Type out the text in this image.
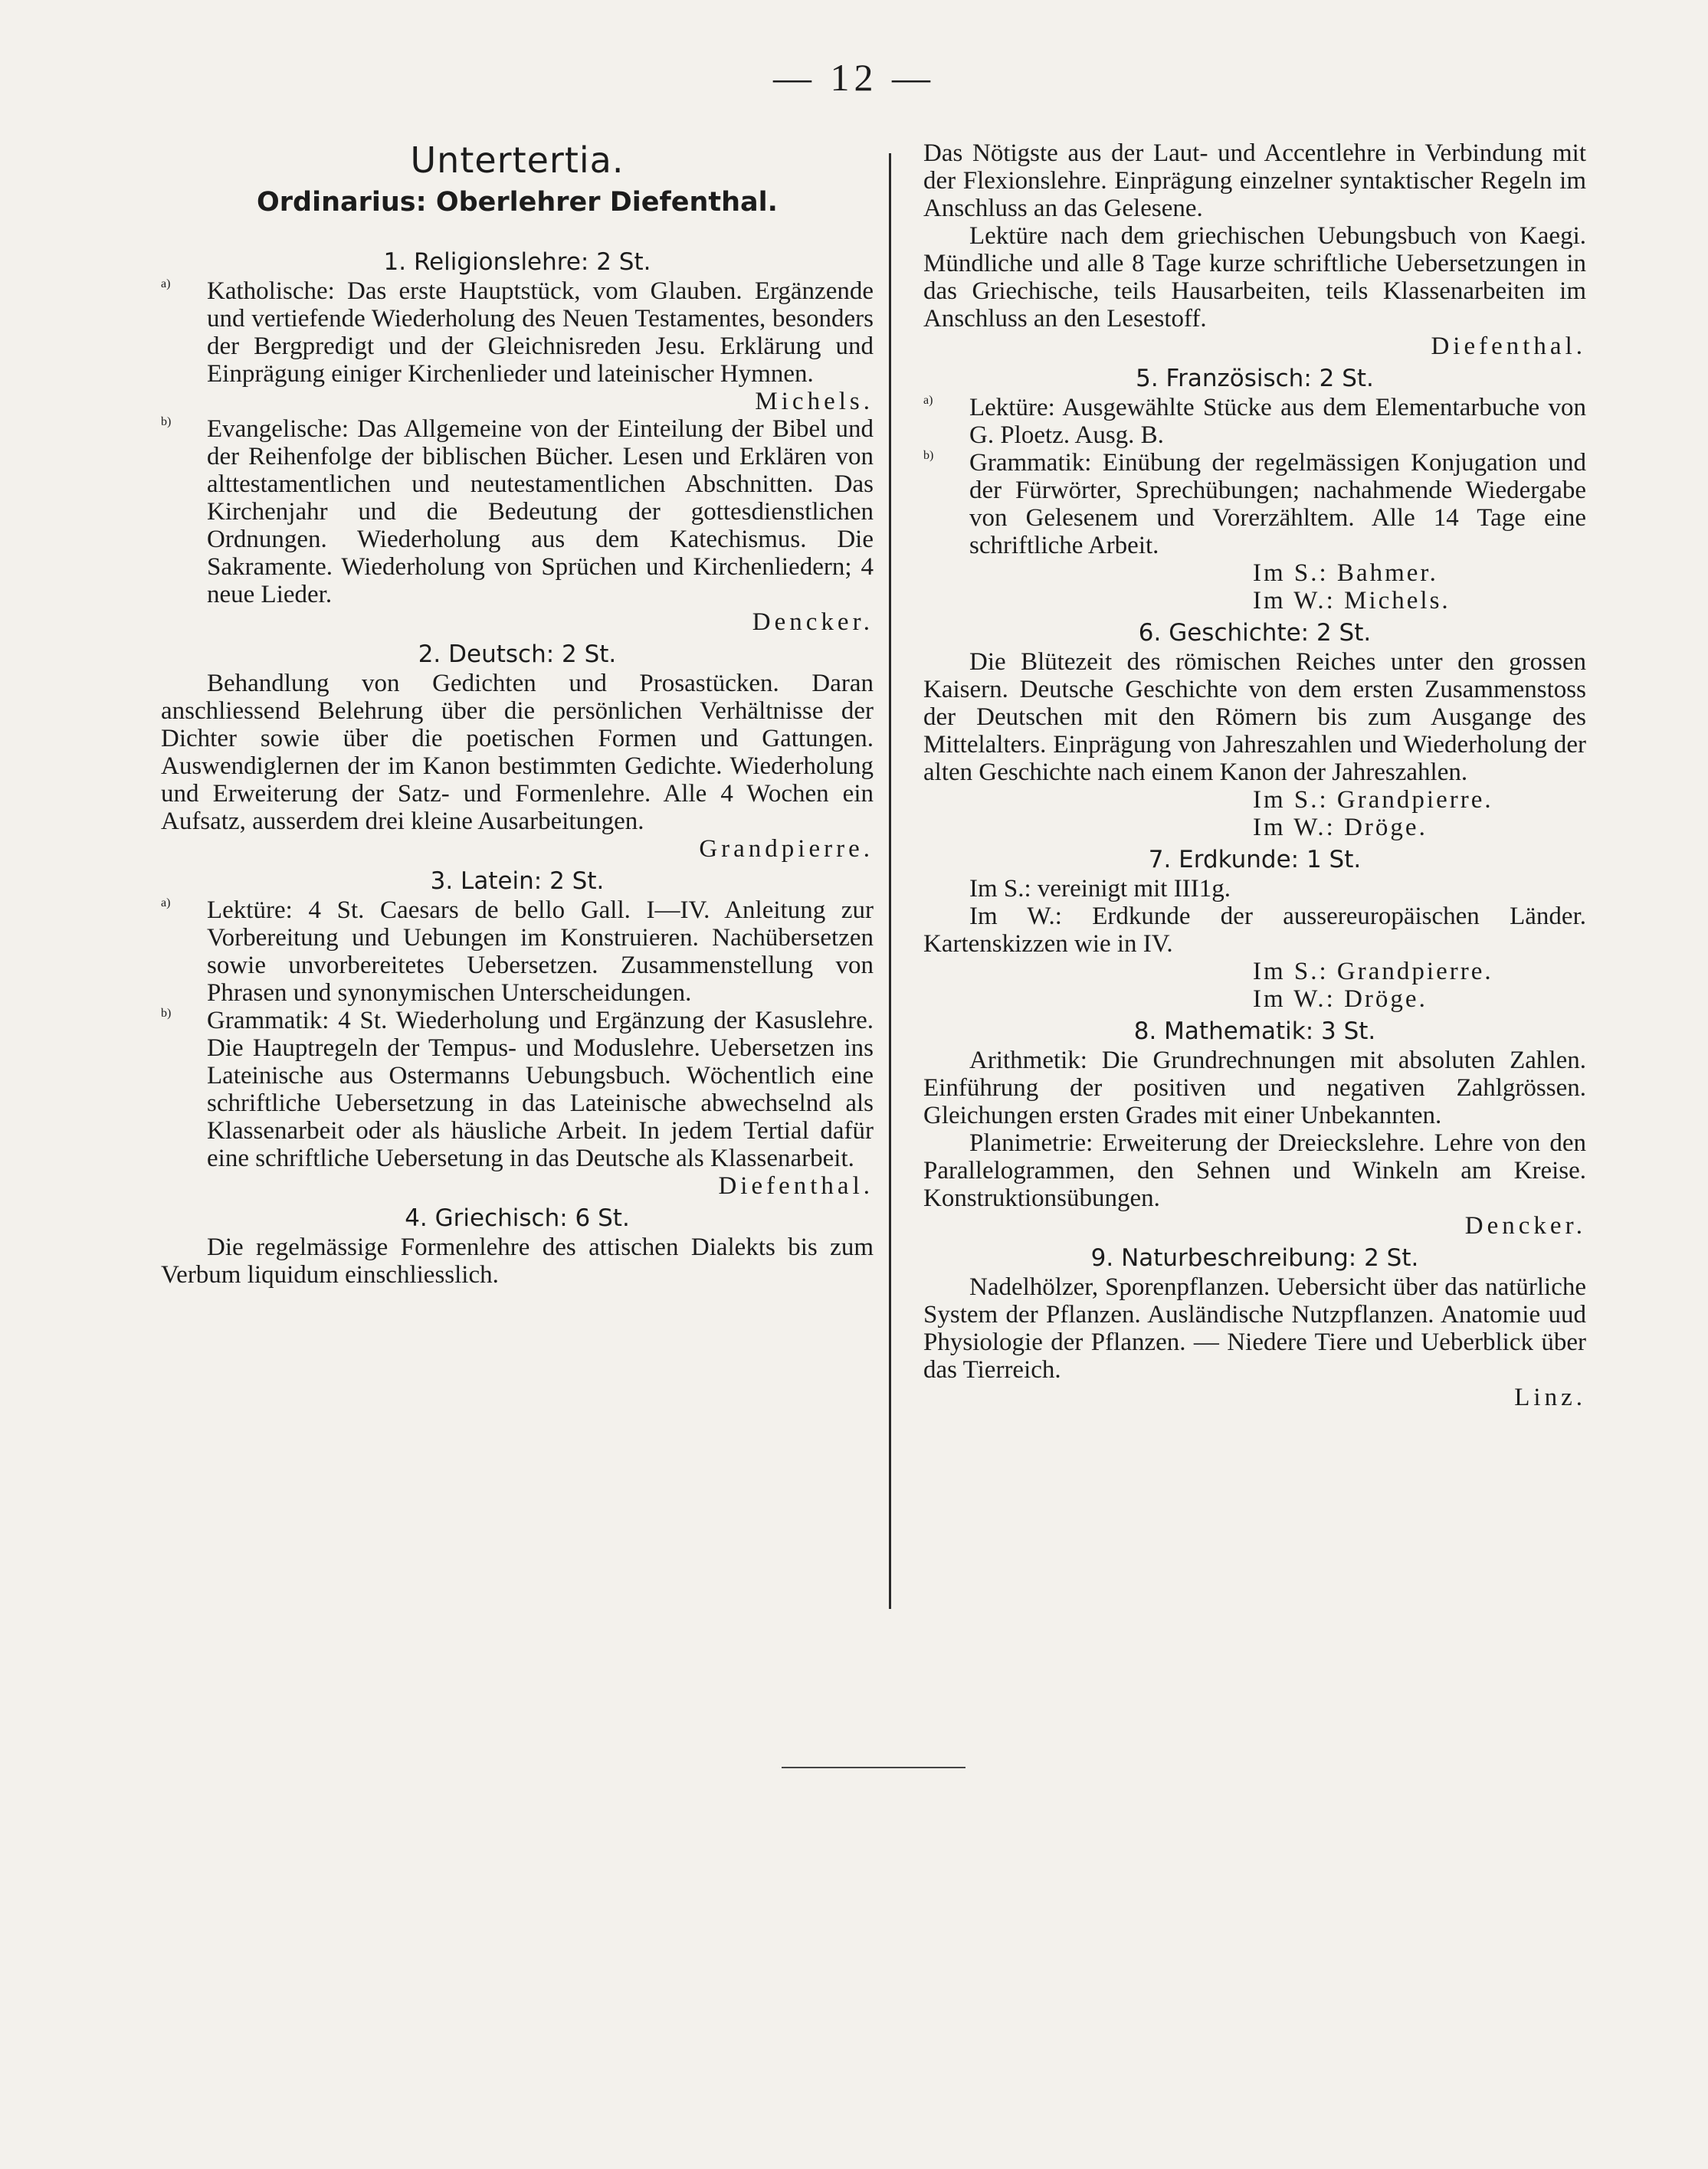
— 12 —
Untertertia.
Ordinarius: Oberlehrer Diefenthal.
1. Religionslehre: 2 St.
a) Katholische: Das erste Hauptstück, vom Glauben. Ergänzende und vertiefende Wiederholung des Neuen Testamentes, besonders der Bergpredigt und der Gleichnisreden Jesu. Erklärung und Einprägung einiger Kirchenlieder und lateinischer Hymnen.

Michels.
b) Evangelische: Das Allgemeine von der Einteilung der Bibel und der Reihenfolge der biblischen Bücher. Lesen und Erklären von alttestamentlichen und neutestamentlichen Abschnitten. Das Kirchenjahr und die Bedeutung der gottesdienstlichen Ordnungen. Wiederholung aus dem Katechismus. Die Sakramente. Wiederholung von Sprüchen und Kirchenliedern; 4 neue Lieder.

Dencker.
2. Deutsch: 2 St.

Behandlung von Gedichten und Prosastücken. Daran anschliessend Belehrung über die persönlichen Verhältnisse der Dichter sowie über die poetischen Formen und Gattungen. Auswendiglernen der im Kanon bestimmten Gedichte. Wiederholung und Erweiterung der Satz- und Formenlehre. Alle 4 Wochen ein Aufsatz, ausserdem drei kleine Ausarbeitungen.

Grandpierre.
3. Latein: 2 St.
a) Lektüre: 4 St. Caesars de bello Gall. I—IV. Anleitung zur Vorbereitung und Uebungen im Konstruieren. Nachübersetzen sowie unvorbereitetes Uebersetzen. Zusammenstellung von Phrasen und synonymischen Unterscheidungen.

b) Grammatik: 4 St. Wiederholung und Ergänzung der Kasuslehre. Die Hauptregeln der Tempus- und Moduslehre. Uebersetzen ins Lateinische aus Ostermanns Uebungsbuch. Wöchentlich eine schriftliche Uebersetzung in das Lateinische abwechselnd als Klassenarbeit oder als häusliche Arbeit. In jedem Tertial dafür eine schriftliche Uebersetung in das Deutsche als Klassenarbeit.

Diefenthal.
4. Griechisch: 6 St.

Die regelmässige Formenlehre des attischen Dialekts bis zum Verbum liquidum einschliesslich.

Das Nötigste aus der Laut- und Accentlehre in Verbindung mit der Flexionslehre. Einprägung einzelner syntaktischer Regeln im Anschluss an das Gelesene.

Lektüre nach dem griechischen Uebungsbuch von Kaegi. Mündliche und alle 8 Tage kurze schriftliche Uebersetzungen in das Griechische, teils Hausarbeiten, teils Klassenarbeiten im Anschluss an den Lesestoff.

Diefenthal.
5. Französisch: 2 St.
a) Lektüre: Ausgewählte Stücke aus dem Elementarbuche von G. Ploetz. Ausg. B.

b) Grammatik: Einübung der regelmässigen Konjugation und der Fürwörter, Sprechübungen; nachahmende Wiedergabe von Gelesenem und Vorerzähltem. Alle 14 Tage eine schriftliche Arbeit.

Im S.: Bahmer.
Im W.: Michels.
6. Geschichte: 2 St.

Die Blütezeit des römischen Reiches unter den grossen Kaisern. Deutsche Geschichte von dem ersten Zusammenstoss der Deutschen mit den Römern bis zum Ausgange des Mittelalters. Einprägung von Jahreszahlen und Wiederholung der alten Geschichte nach einem Kanon der Jahreszahlen.

Im S.: Grandpierre.
Im W.: Dröge.
7. Erdkunde: 1 St.

Im S.: vereinigt mit III1g.

Im W.: Erdkunde der aussereuropäischen Länder. Kartenskizzen wie in IV.

Im S.: Grandpierre.
Im W.: Dröge.
8. Mathematik: 3 St.

Arithmetik: Die Grundrechnungen mit absoluten Zahlen. Einführung der positiven und negativen Zahlgrössen. Gleichungen ersten Grades mit einer Unbekannten.

Planimetrie: Erweiterung der Dreieckslehre. Lehre von den Parallelogrammen, den Sehnen und Winkeln am Kreise. Konstruktionsübungen.

Dencker.
9. Naturbeschreibung: 2 St.

Nadelhölzer, Sporenpflanzen. Uebersicht über das natürliche System der Pflanzen. Ausländische Nutzpflanzen. Anatomie uud Physiologie der Pflanzen. — Niedere Tiere und Ueberblick über das Tierreich.

Linz.
